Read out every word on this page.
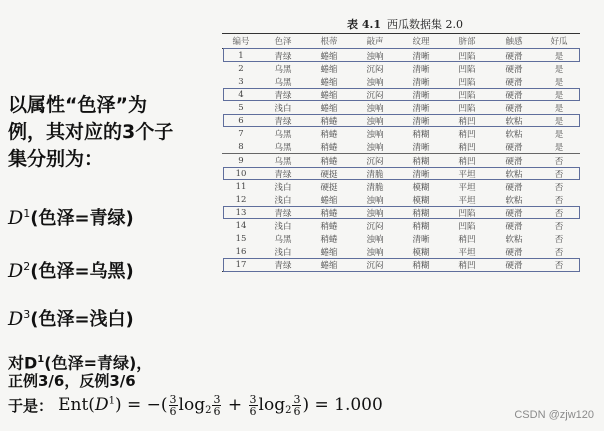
以属性“色泽”为
例，其对应的3个子
集分别为：
$D^1$(色泽=青绿)
$D^2$(色泽=乌黑)
$D^3$(色泽=浅白)
对$D^1$(色泽=青绿)，
正例3/6，反例3/6
于是： $Ent(D^1)$ = −( $\frac{3}{6} \log 2 \frac{3}{6} + \frac{3}{6} \log 2 \frac{3}{6}$ ) = 1.000
表 4.1 西瓜数据集 2.0
编号	色泽	根蒂	敲声	纹理	脐部	触感	好瓜
1	青绿	蜷缩	浊响	清晰	凹陷	硬滑	是
2	乌黑	蜷缩	沉闷	清晰	凹陷	硬滑	是
3	乌黑	蜷缩	浊响	清晰	凹陷	硬滑	是
4	青绿	蜷缩	沉闷	清晰	凹陷	硬滑	是
5	浅白	蜷缩	浊响	清晰	凹陷	硬滑	是
6	青绿	稍蜷	浊响	清晰	稍凹	软粘	是
7	乌黑	稍蜷	浊响	稍糊	稍凹	软粘	是
8	乌黑	稍蜷	浊响	清晰	稍凹	硬滑	是
9	乌黑	稍蜷	沉闷	稍糊	稍凹	硬滑	否
10	青绿	硬挺	清脆	清晰	平坦	软粘	否
11	浅白	硬挺	清脆	模糊	平坦	硬滑	否
12	浅白	蜷缩	浊响	模糊	平坦	软粘	否
13	青绿	稍蜷	浊响	稍糊	凹陷	硬滑	否
14	浅白	稍蜷	沉闷	稍糊	凹陷	硬滑	否
15	乌黑	稍蜷	浊响	清晰	稍凹	软粘	否
16	浅白	蜷缩	浊响	模糊	平坦	硬滑	否
17	青绿	蜷缩	沉闷	稍糊	稍凹	硬滑	否
CSDN @zjw120
